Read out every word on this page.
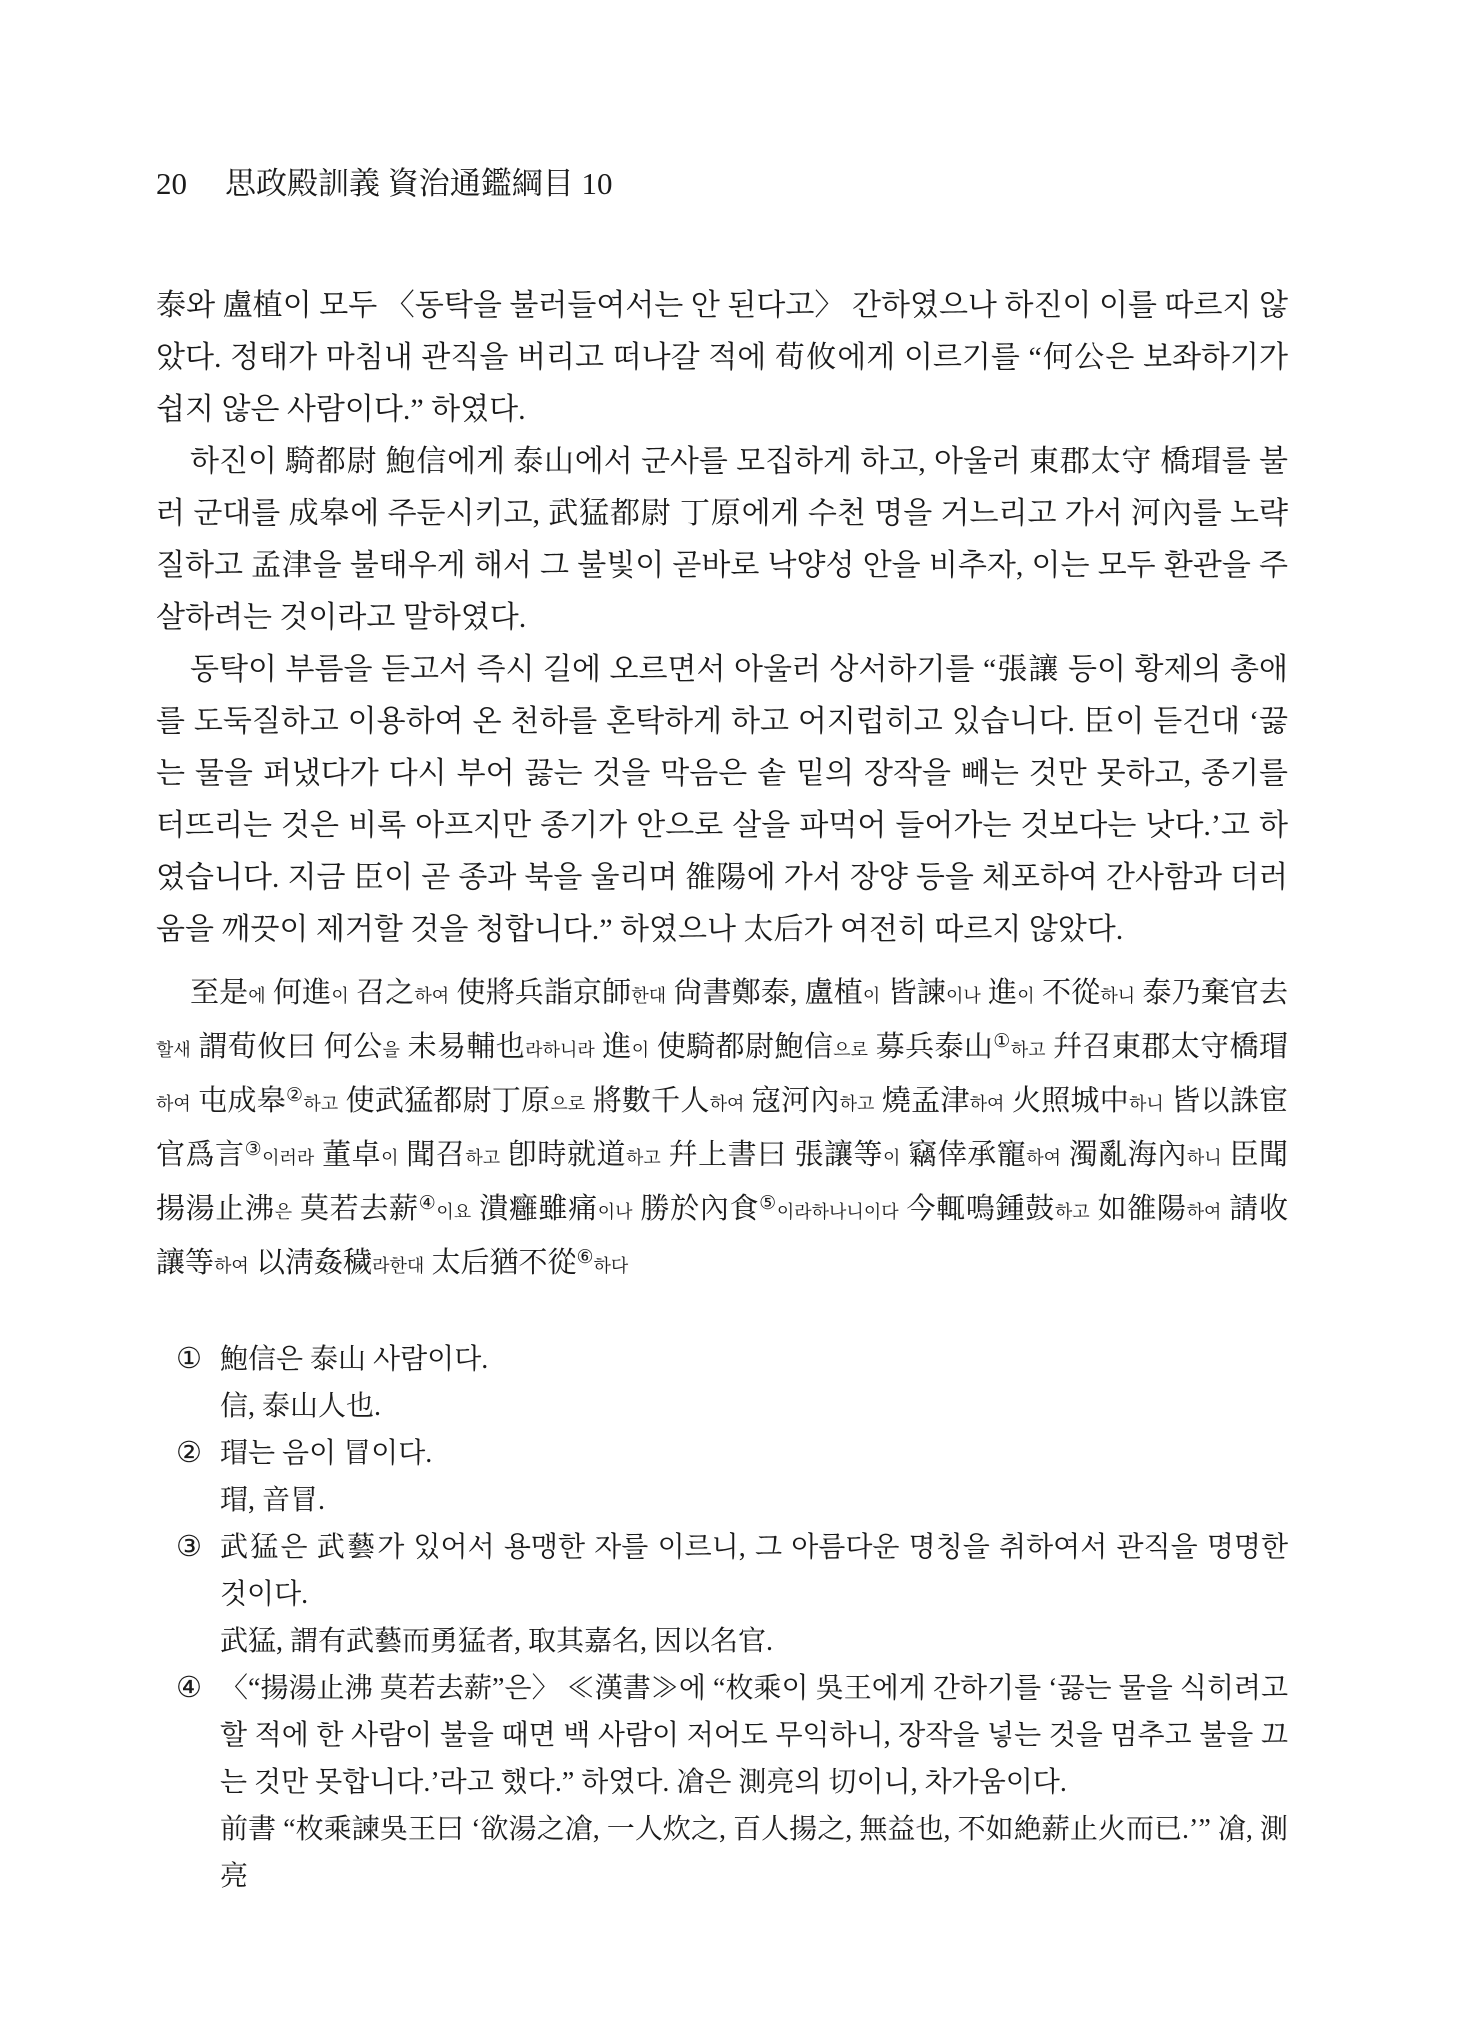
20 思政殿訓義 資治通鑑綱目 10

泰와 盧植이 모두 〈동탁을 불러들여서는 안 된다고〉 간하였으나 하진이 이를 따르지 않았다. 정태가 마침내 관직을 버리고 떠나갈 적에 荀攸에게 이르기를 “何公은 보좌하기가 쉽지 않은 사람이다.” 하였다.

하진이 騎都尉 鮑信에게 泰山에서 군사를 모집하게 하고, 아울러 東郡太守 橋瑁를 불러 군대를 成皋에 주둔시키고, 武猛都尉 丁原에게 수천 명을 거느리고 가서 河內를 노략질하고 孟津을 불태우게 해서 그 불빛이 곧바로 낙양성 안을 비추자, 이는 모두 환관을 주살하려는 것이라고 말하였다.

동탁이 부름을 듣고서 즉시 길에 오르면서 아울러 상서하기를 “張讓 등이 황제의 총애를 도둑질하고 이용하여 온 천하를 혼탁하게 하고 어지럽히고 있습니다. 臣이 듣건대 ‘끓는 물을 퍼냈다가 다시 부어 끓는 것을 막음은 솥 밑의 장작을 빼는 것만 못하고, 종기를 터뜨리는 것은 비록 아프지만 종기가 안으로 살을 파먹어 들어가는 것보다는 낫다.’고 하였습니다. 지금 臣이 곧 종과 북을 울리며 雒陽에 가서 장양 등을 체포하여 간사함과 더러움을 깨끗이 제거할 것을 청합니다.” 하였으나 太后가 여전히 따르지 않았다.

至是에 何進이 召之하여 使將兵詣京師한대 尙書鄭泰, 盧植이 皆諫이나 進이 不從하니 泰乃棄官去할새 謂荀攸曰 何公을 未易輔也라하니라 進이 使騎都尉鮑信으로 募兵泰山①하고 幷召東郡太守橋瑁하여 屯成皋②하고 使武猛都尉丁原으로 將數千人하여 寇河內하고 燒孟津하여 火照城中하니 皆以誅宦官爲言③이러라 董卓이 聞召하고 卽時就道하고 幷上書曰 張讓等이 竊倖承寵하여 濁亂海內하니 臣聞揚湯止沸은 莫若去薪④이요 潰癰雖痛이나 勝於內食⑤이라하나니이다 今輒鳴鍾鼓하고 如雒陽하여 請收讓等하여 以淸姦穢라한대 太后猶不從⑥하다

① 鮑信은 泰山 사람이다.

信, 泰山人也.

② 瑁는 음이 冒이다.

瑁, 音冒.

③ 武猛은 武藝가 있어서 용맹한 자를 이르니, 그 아름다운 명칭을 취하여서 관직을 명명한 것이다.

武猛, 謂有武藝而勇猛者, 取其嘉名, 因以名官.

④ 〈“揚湯止沸 莫若去薪”은〉 ≪漢書≫에 “枚乘이 吳王에게 간하기를 ‘끓는 물을 식히려고 할 적에 한 사람이 불을 때면 백 사람이 저어도 무익하니, 장작을 넣는 것을 멈추고 불을 끄는 것만 못합니다.’라고 했다.” 하였다. 凔은 測亮의 切이니, 차가움이다.

前書 “枚乘諫吳王曰 ‘欲湯之凔, 一人炊之, 百人揚之, 無益也, 不如絶薪止火而已.’” 凔, 測亮
